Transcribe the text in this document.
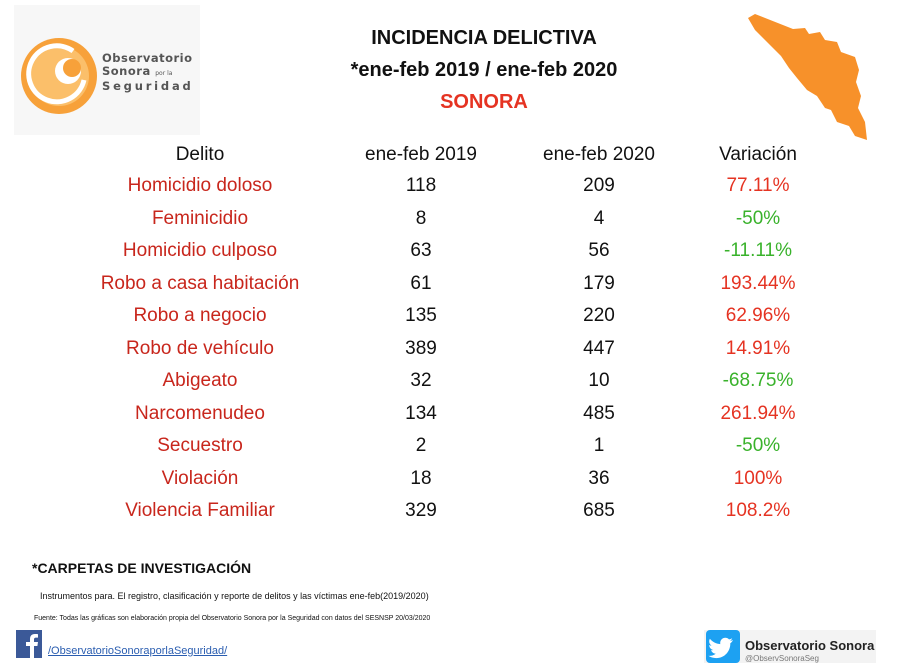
Observatorio
Sonora por la
Seguridad
INCIDENCIA DELICTIVA
*ene-feb 2019 / ene-feb 2020
SONORA
Delito	ene-feb 2019	ene-feb 2020	Variación
Homicidio doloso	118	209	77.11%
Feminicidio	8	4	-50%
Homicidio culposo	63	56	-11.11%
Robo a casa habitación	61	179	193.44%
Robo a negocio	135	220	62.96%
Robo de vehículo	389	447	14.91%
Abigeato	32	10	-68.75%
Narcomenudeo	134	485	261.94%
Secuestro	2	1	-50%
Violación	18	36	100%
Violencia Familiar	329	685	108.2%
*CARPETAS DE INVESTIGACIÓN
Instrumentos para. El registro, clasificación y reporte de delitos y las víctimas ene-feb(2019/2020)
Fuente: Todas las gráficas son elaboración propia del Observatorio Sonora por la Seguridad con datos del SESNSP 20/03/2020
/ObservatorioSonoraporlaSeguridad/	Observatorio Sonora
@ObservSonoraSeg
